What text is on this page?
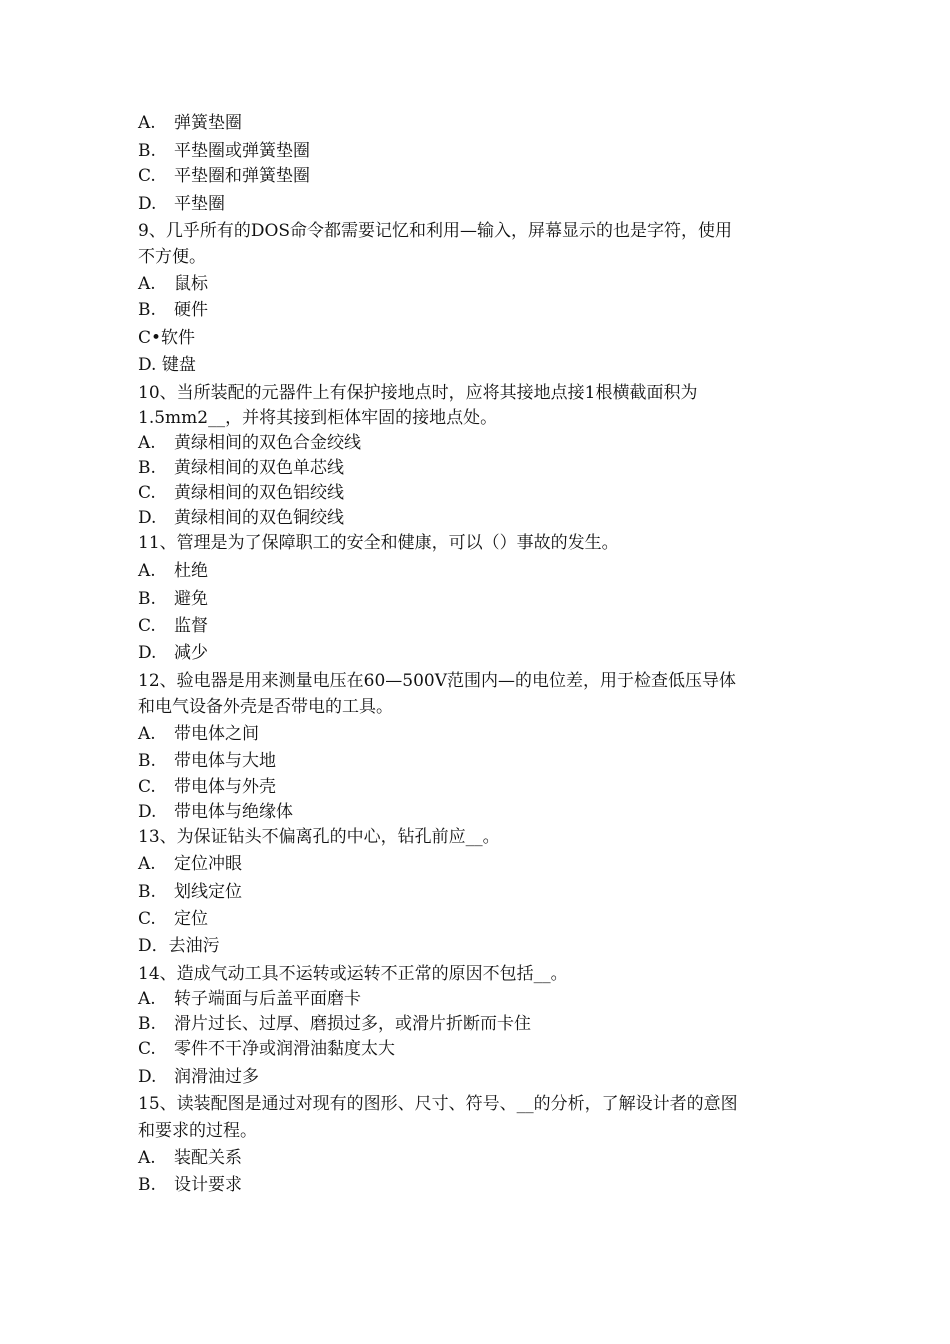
A. 弹簧垫圈
B. 平垫圈或弹簧垫圈
C. 平垫圈和弹簧垫圈
D. 平垫圈
9、几乎所有的DOS命令都需要记忆和利用—输入，屏幕显示的也是字符，使用
不方便。
A. 鼠标
B. 硬件
C•软件
D. 键盘
10、当所装配的元器件上有保护接地点时，应将其接地点接1根横截面积为
1.5mm2__，并将其接到柜体牢固的接地点处。
A. 黄绿相间的双色合金绞线
B. 黄绿相间的双色单芯线
C. 黄绿相间的双色铝绞线
D. 黄绿相间的双色铜绞线
11、管理是为了保障职工的安全和健康，可以（）事故的发生。
A. 杜绝
B. 避免
C. 监督
D. 减少
12、验电器是用来测量电压在60—500V范围内—的电位差，用于检查低压导体
和电气设备外壳是否带电的工具。
A. 带电体之间
B. 带电体与大地
C. 带电体与外壳
D. 带电体与绝缘体
13、为保证钻头不偏离孔的中心，钻孔前应__。
A. 定位冲眼
B. 划线定位
C. 定位
D．去油污
14、造成气动工具不运转或运转不正常的原因不包括__。
A. 转子端面与后盖平面磨卡
B. 滑片过长、过厚、磨损过多，或滑片折断而卡住
C. 零件不干净或润滑油黏度太大
D. 润滑油过多
15、读装配图是通过对现有的图形、尺寸、符号、__的分析，了解设计者的意图
和要求的过程。
A. 装配关系
B. 设计要求
